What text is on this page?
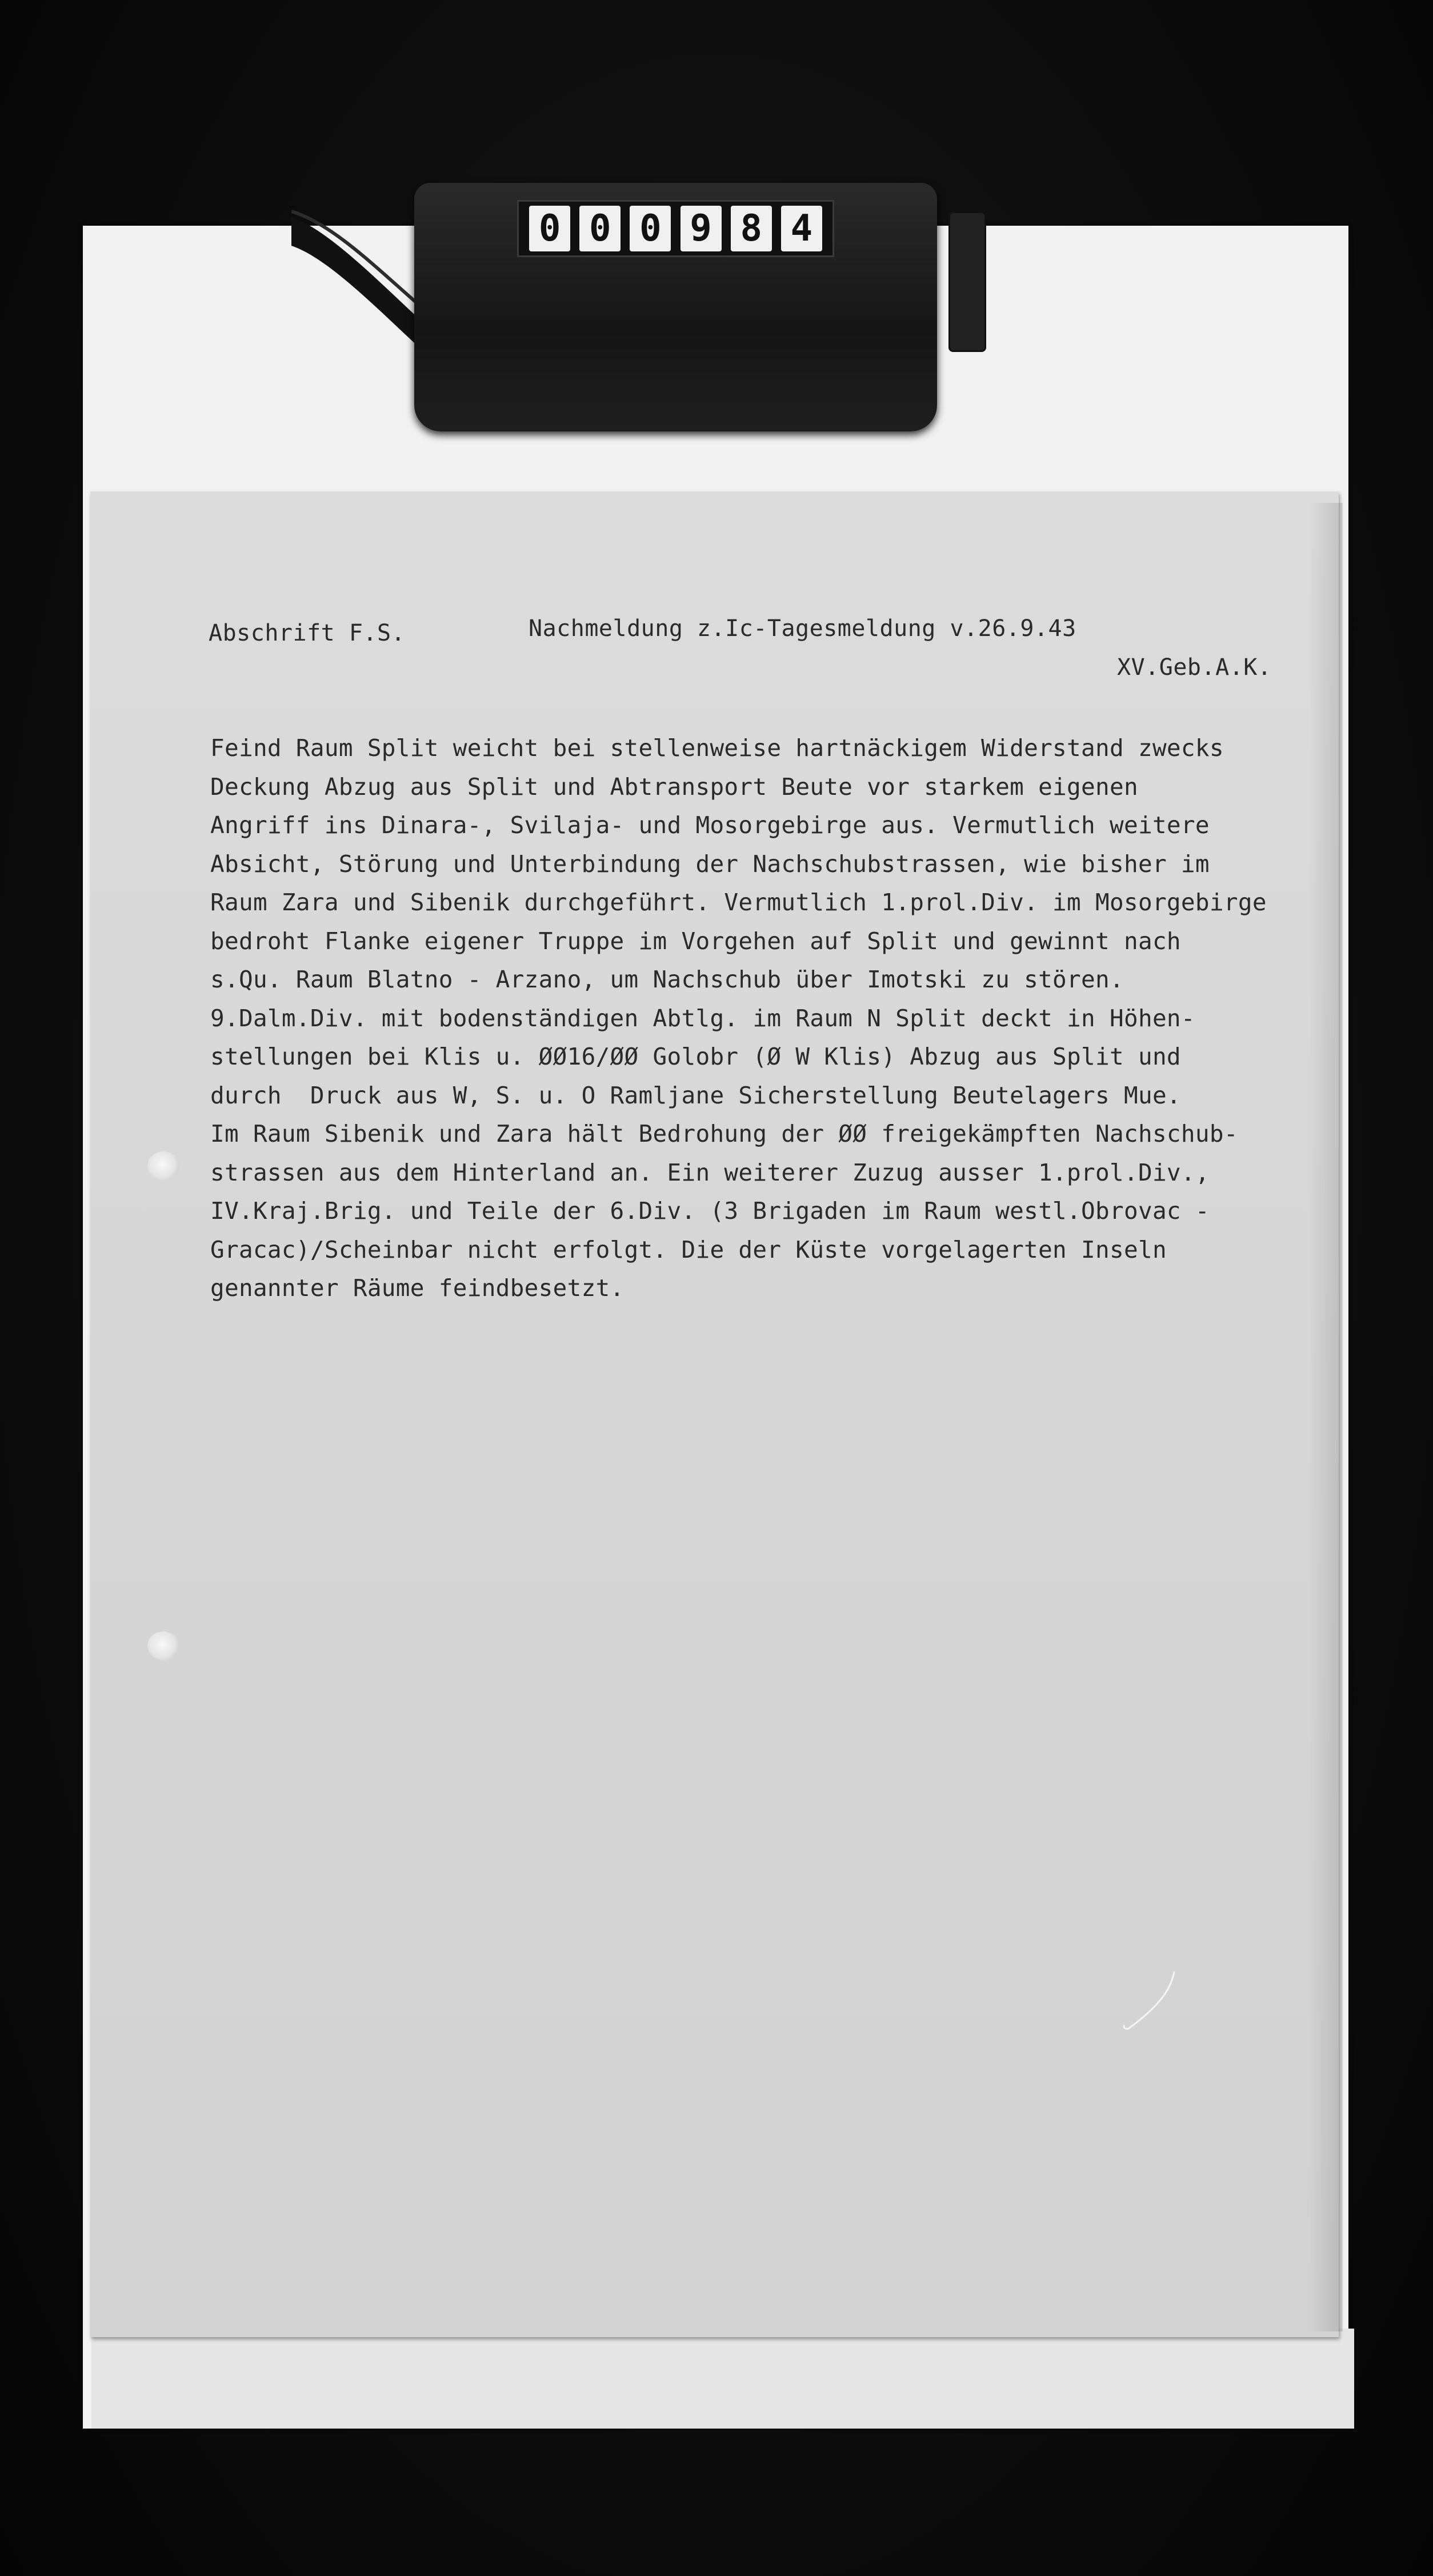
0 0 0 9 8 4
Abschrift F.S.	Nachmeldung z.Ic-Tagesmeldung v.26.9.43
XV.Geb.A.K.
Feind Raum Split weicht bei stellenweise hartnäckigem Widerstand zwecks
Deckung Abzug aus Split und Abtransport Beute vor starkem eigenen
Angriff ins Dinara-, Svilaja- und Mosorgebirge aus. Vermutlich weitere
Absicht, Störung und Unterbindung der Nachschubstrassen, wie bisher im
Raum Zara und Sibenik durchgeführt. Vermutlich 1.prol.Div. im Mosorgebirge
bedroht Flanke eigener Truppe im Vorgehen auf Split und gewinnt nach
s.Qu. Raum Blatno - Arzano, um Nachschub über Imotski zu stören.
9.Dalm.Div. mit bodenständigen Abtlg. im Raum N Split deckt in Höhen-
stellungen bei Klis u. ØØ16/ØØ Golobr (Ø W Klis) Abzug aus Split und
durch  Druck aus W, S. u. O Ramljane Sicherstellung Beutelagers Mue.
Im Raum Sibenik und Zara hält Bedrohung der ØØ freigekämpften Nachschub-
strassen aus dem Hinterland an. Ein weiterer Zuzug ausser 1.prol.Div.,
IV.Kraj.Brig. und Teile der 6.Div. (3 Brigaden im Raum westl.Obrovac -
Gracac)/Scheinbar nicht erfolgt. Die der Küste vorgelagerten Inseln
genannter Räume feindbesetzt.
